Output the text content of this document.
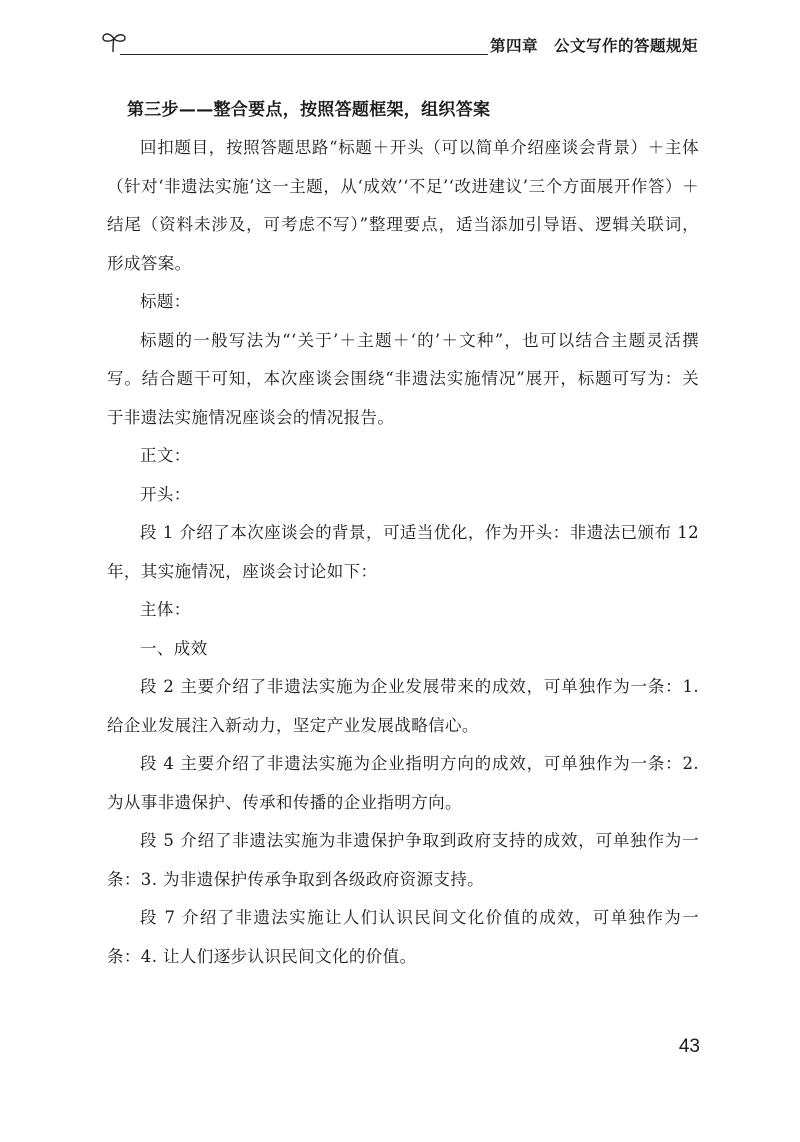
第四章 公文写作的答题规矩
第三步——整合要点，按照答题框架，组织答案

回扣题目，按照答题思路“标题＋开头（可以简单介绍座谈会背景）＋主体（针对‘非遗法实施’这一主题，从‘成效’‘不足’‘改进建议’三个方面展开作答）＋结尾（资料未涉及，可考虑不写）”整理要点，适当添加引导语、逻辑关联词，形成答案。

标题：

标题的一般写法为“‘关于’＋主题＋‘的’＋文种”，也可以结合主题灵活撰写。结合题干可知，本次座谈会围绕“非遗法实施情况”展开，标题可写为：关于非遗法实施情况座谈会的情况报告。

正文：

开头：

段 1 介绍了本次座谈会的背景，可适当优化，作为开头：非遗法已颁布 12 年，其实施情况，座谈会讨论如下：

主体：

一、成效

段 2 主要介绍了非遗法实施为企业发展带来的成效，可单独作为一条：1. 给企业发展注入新动力，坚定产业发展战略信心。

段 4 主要介绍了非遗法实施为企业指明方向的成效，可单独作为一条：2. 为从事非遗保护、传承和传播的企业指明方向。

段 5 介绍了非遗法实施为非遗保护争取到政府支持的成效，可单独作为一条：3. 为非遗保护传承争取到各级政府资源支持。

段 7 介绍了非遗法实施让人们认识民间文化价值的成效，可单独作为一条：4. 让人们逐步认识民间文化的价值。

43
